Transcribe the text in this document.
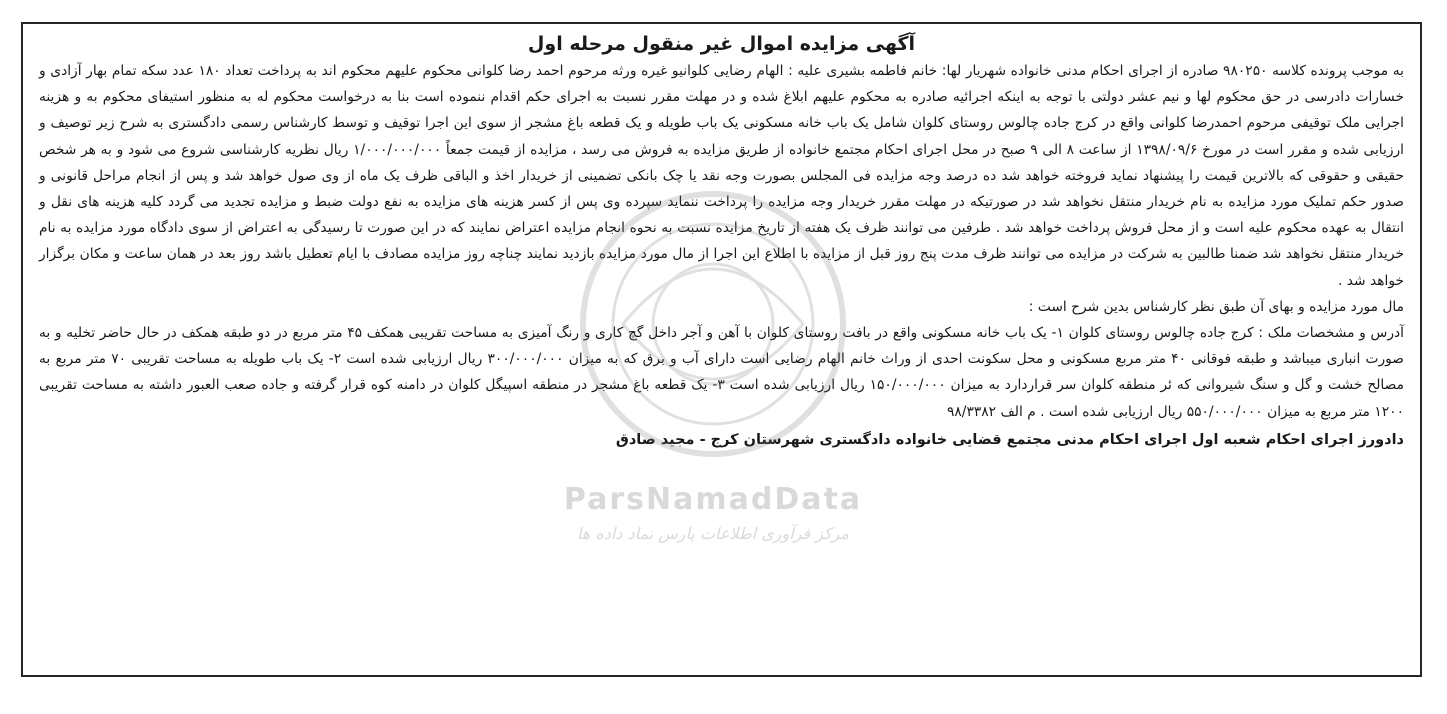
ParsNamadData
مرکز فرآوری اطلاعات پارس نماد داده ها
آگهی مزایده اموال غیر منقول مرحله اول

به موجب پرونده کلاسه ۹۸۰۲۵۰ صادره از اجرای احکام مدنی خانواده شهریار لها: خانم فاطمه بشیری علیه : الهام رضایی کلوانیو غیره ورثه مرحوم احمد رضا کلوانی محکوم علیهم محکوم اند به پرداخت تعداد ۱۸۰ عدد سکه تمام بهار آزادی و خسارات دادرسی در حق محکوم لها و نیم عشر دولتی با توجه به اینکه اجرائیه صادره به محکوم علیهم ابلاغ شده و در مهلت مقرر نسبت به اجرای حکم اقدام ننموده است بنا به درخواست محکوم له به منظور استیفای محکوم به و هزینه اجرایی ملک توقیفی مرحوم احمدرضا کلوانی واقع در کرج جاده چالوس روستای کلوان شامل یک باب خانه مسکونی یک باب طویله و یک قطعه باغ مشجر از سوی این اجرا توقیف و توسط کارشناس رسمی دادگستری به شرح زیر توصیف و ارزیابی شده و مقرر است در مورخ ۱۳۹۸/۰۹/۶ از ساعت ۸ الی ۹ صبح در محل اجرای احکام مجتمع خانواده از طریق مزایده به فروش می رسد ، مزایده از قیمت جمعاً ۱/۰۰۰/۰۰۰/۰۰۰ ریال نظریه کارشناسی شروع می شود و به هر شخص حقیقی و حقوقی که بالاترین قیمت را پیشنهاد نماید فروخته خواهد شد ده درصد وجه مزایده فی المجلس بصورت وجه نقد یا چک بانکی تضمینی از خریدار اخذ و الباقی ظرف یک ماه از وی صول خواهد شد و پس از انجام مراحل قانونی و صدور حکم تملیک مورد مزایده به نام خریدار منتقل نخواهد شد در صورتیکه در مهلت مقرر خریدار وجه مزایده را پرداخت ننماید سپرده وی پس از کسر هزینه های مزایده به نفع دولت ضبط و مزایده تجدید می گردد کلیه هزینه های نقل و انتقال به عهده محکوم علیه است و از محل فروش پرداخت خواهد شد . طرفین می توانند ظرف یک هفته از تاریخ مزایده نسبت به نحوه انجام مزایده اعتراض نمایند که در این صورت تا رسیدگی به اعتراض از سوی دادگاه مورد مزایده به نام خریدار منتقل نخواهد شد ضمنا طالبین به شرکت در مزایده می توانند ظرف مدت پنج روز قبل از مزایده با اطلاع این اجرا از مال مورد مزایده بازدید نمایند چناچه روز مزایده مصادف با ایام تعطیل باشد روز بعد در همان ساعت و مکان برگزار خواهد شد .

مال مورد مزایده و بهای آن طبق نظر کارشناس بدین شرح است :

آدرس و مشخصات ملک : کرج جاده چالوس روستای کلوان ۱- یک باب خانه مسکونی واقع در بافت روستای کلوان با آهن و آجر داخل گچ کاری و رنگ آمیزی به مساحت تقریبی همکف ۴۵ متر مربع در دو طبقه همکف در حال حاضر تخلیه و به صورت انباری میباشد و طبقه فوقانی ۴۰ متر مربع مسکونی و محل سکونت احدی از وراث خانم الهام رضایی است دارای آب و برق که به میزان ۳۰۰/۰۰۰/۰۰۰ ریال ارزیابی شده است ۲- یک باب طویله به مساحت تقریبی ۷۰ متر مربع به مصالح خشت و گل و سنگ شیروانی که ئر منطقه کلوان سر قراردارد به میزان ۱۵۰/۰۰۰/۰۰۰ ریال ارزیابی شده است ۳- یک قطعه باغ مشجر در منطقه اسپیگل کلوان در دامنه کوه قرار گرفته و جاده صعب العبور داشته به مساحت تقریبی ۱۲۰۰ متر مربع به میزان ۵۵۰/۰۰۰/۰۰۰ ریال ارزیابی شده است . م الف ۹۸/۳۳۸۲

دادورز اجرای احکام شعبه اول اجرای احکام مدنی مجتمع قضایی خانواده دادگستری شهرستان کرج - مجید صادق
